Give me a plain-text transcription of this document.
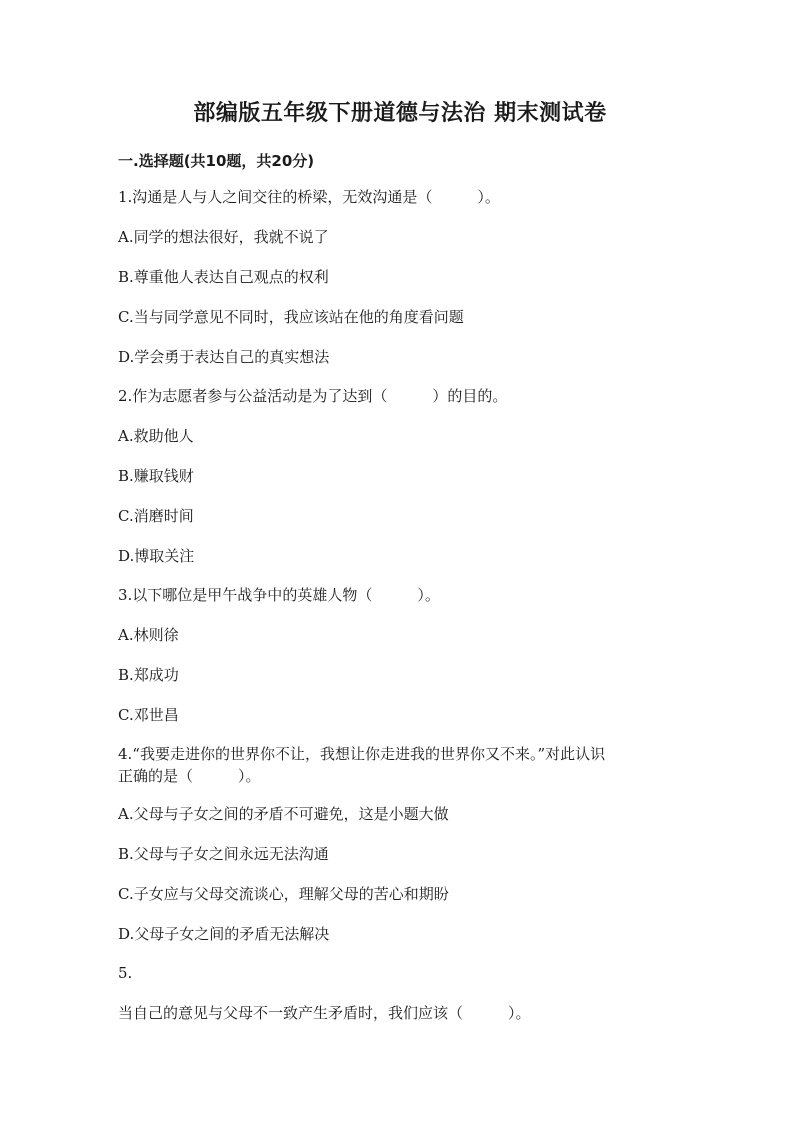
部编版五年级下册道德与法治 期末测试卷
一.选择题(共10题，共20分)
1.沟通是人与人之间交往的桥梁，无效沟通是（　　　）。
A.同学的想法很好，我就不说了
B.尊重他人表达自己观点的权利
C.当与同学意见不同时，我应该站在他的角度看问题
D.学会勇于表达自己的真实想法
2.作为志愿者参与公益活动是为了达到（　　　）的目的。
A.救助他人
B.赚取钱财
C.消磨时间
D.博取关注
3.以下哪位是甲午战争中的英雄人物（　　　）。
A.林则徐
B.郑成功
C.邓世昌
4.“我要走进你的世界你不让，我想让你走进我的世界你又不来。”对此认识
正确的是（　　　）。
A.父母与子女之间的矛盾不可避免，这是小题大做
B.父母与子女之间永远无法沟通
C.子女应与父母交流谈心，理解父母的苦心和期盼
D.父母子女之间的矛盾无法解决
5.
当自己的意见与父母不一致产生矛盾时，我们应该（　　　）。
